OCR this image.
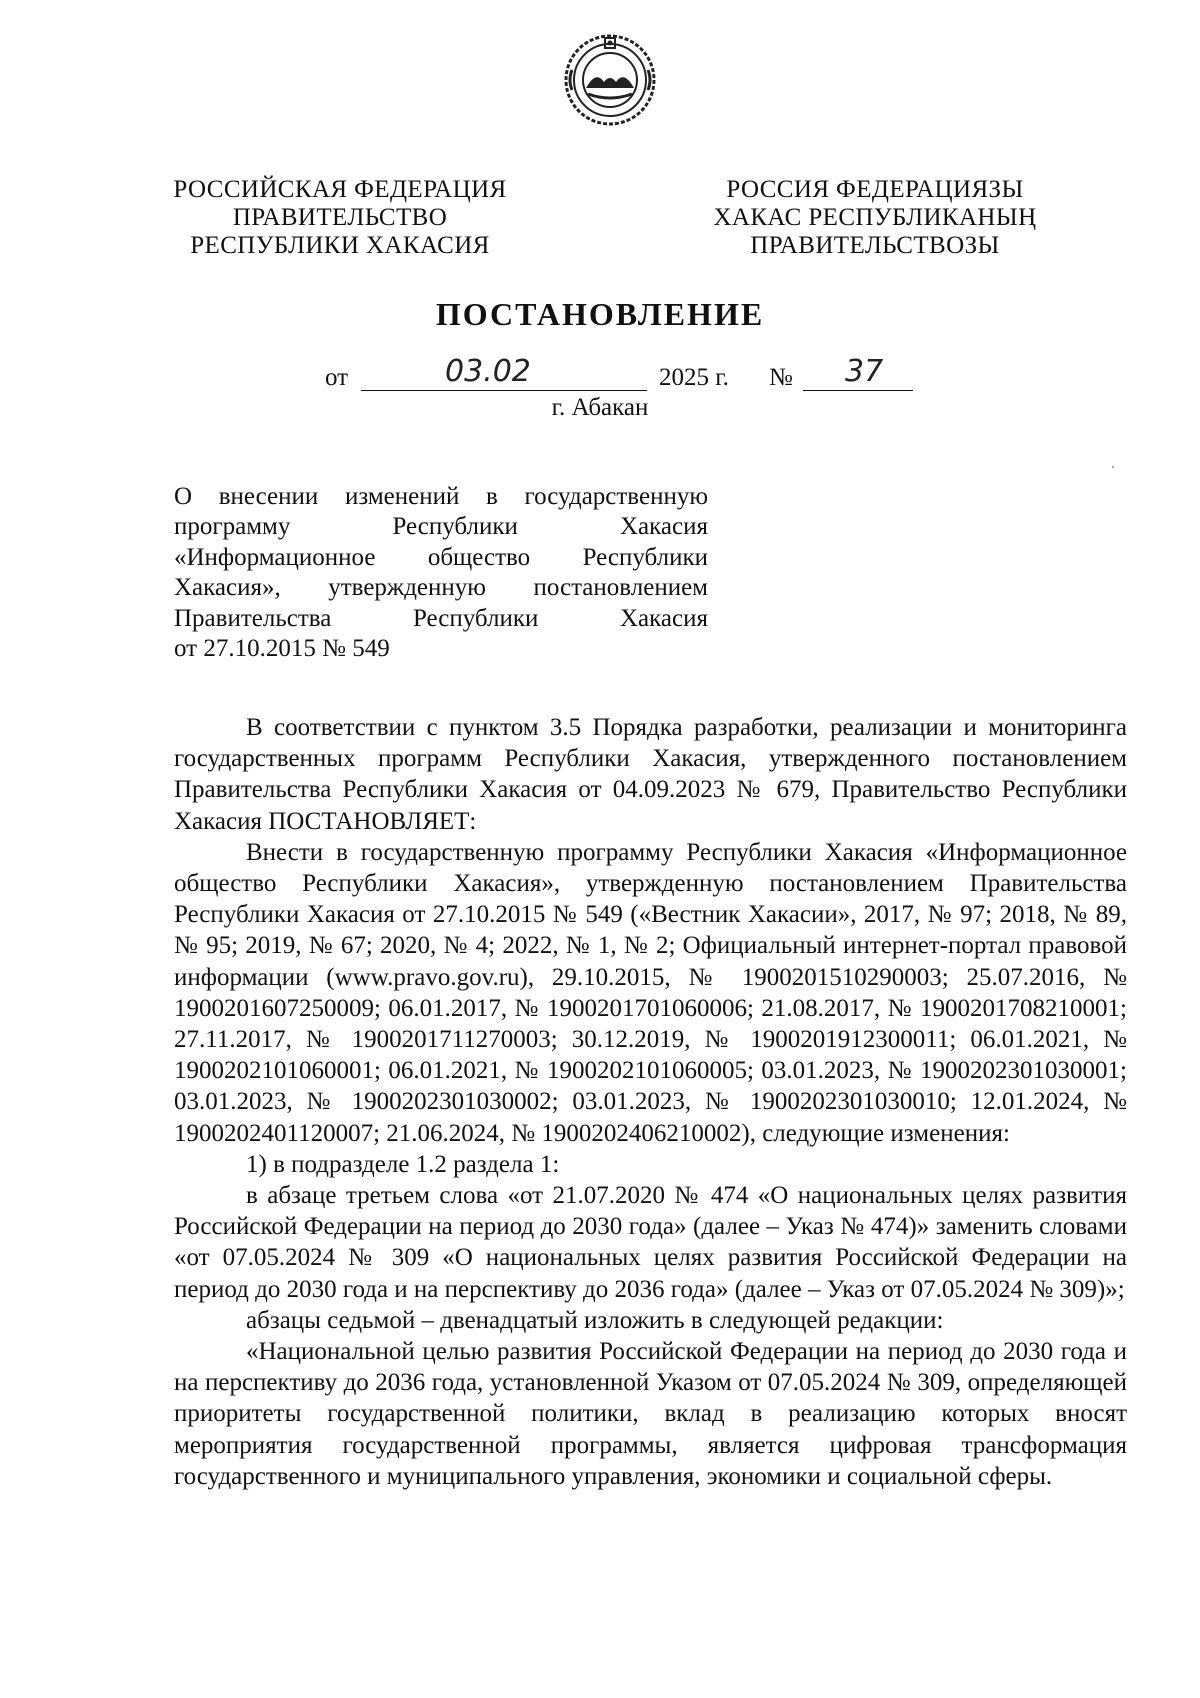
РОССИЙСКАЯ ФЕДЕРАЦИЯ
ПРАВИТЕЛЬСТВО
РЕСПУБЛИКИ ХАКАСИЯ
РОССИЯ ФЕДЕРАЦИЯЗЫ
ХАКАС РЕСПУБЛИКАНЫҢ
ПРАВИТЕЛЬСТВОЗЫ
ПОСТАНОВЛЕНИЕ
от	03.02	2025 г. № 37
г. Абакан
О внесении изменений в государственную
программу Республики Хакасия
«Информационное общество Республики
Хакасия», утвержденную постановлением
Правительства Республики Хакасия
от 27.10.2015 № 549

В соответствии с пунктом 3.5 Порядка разработки, реализации и мониторинга государственных программ Республики Хакасия, утвержденного постановлением Правительства Республики Хакасия от 04.09.2023 № 679, Правительство Республики Хакасия ПОСТАНОВЛЯЕТ:

Внести в государственную программу Республики Хакасия «Информационное общество Республики Хакасия», утвержденную постановлением Правительства Республики Хакасия от 27.10.2015 № 549 («Вестник Хакасии», 2017, № 97; 2018, № 89, № 95; 2019, № 67; 2020, № 4; 2022, № 1, № 2; Официальный интернет-портал правовой информации (www.pravo.gov.ru), 29.10.2015, № 1900201510290003; 25.07.2016, № 1900201607250009; 06.01.2017, № 1900201701060006; 21.08.2017, № 1900201708210001; 27.11.2017, № 1900201711270003; 30.12.2019, № 1900201912300011; 06.01.2021, № 1900202101060001; 06.01.2021, № 1900202101060005; 03.01.2023, № 1900202301030001; 03.01.2023, № 1900202301030002; 03.01.2023, № 1900202301030010; 12.01.2024, № 1900202401120007; 21.06.2024, № 1900202406210002), следующие изменения:

1) в подразделе 1.2 раздела 1:

в абзаце третьем слова «от 21.07.2020 № 474 «О национальных целях развития Российской Федерации на период до 2030 года» (далее – Указ № 474)» заменить словами «от 07.05.2024 № 309 «О национальных целях развития Российской Федерации на период до 2030 года и на перспективу до 2036 года» (далее – Указ от 07.05.2024 № 309)»;

абзацы седьмой – двенадцатый изложить в следующей редакции:

«Национальной целью развития Российской Федерации на период до 2030 года и на перспективу до 2036 года, установленной Указом от 07.05.2024 № 309, определяющей приоритеты государственной политики, вклад в реализацию которых вносят мероприятия государственной программы, является цифровая трансформация государственного и муниципального управления, экономики и социальной сферы.
